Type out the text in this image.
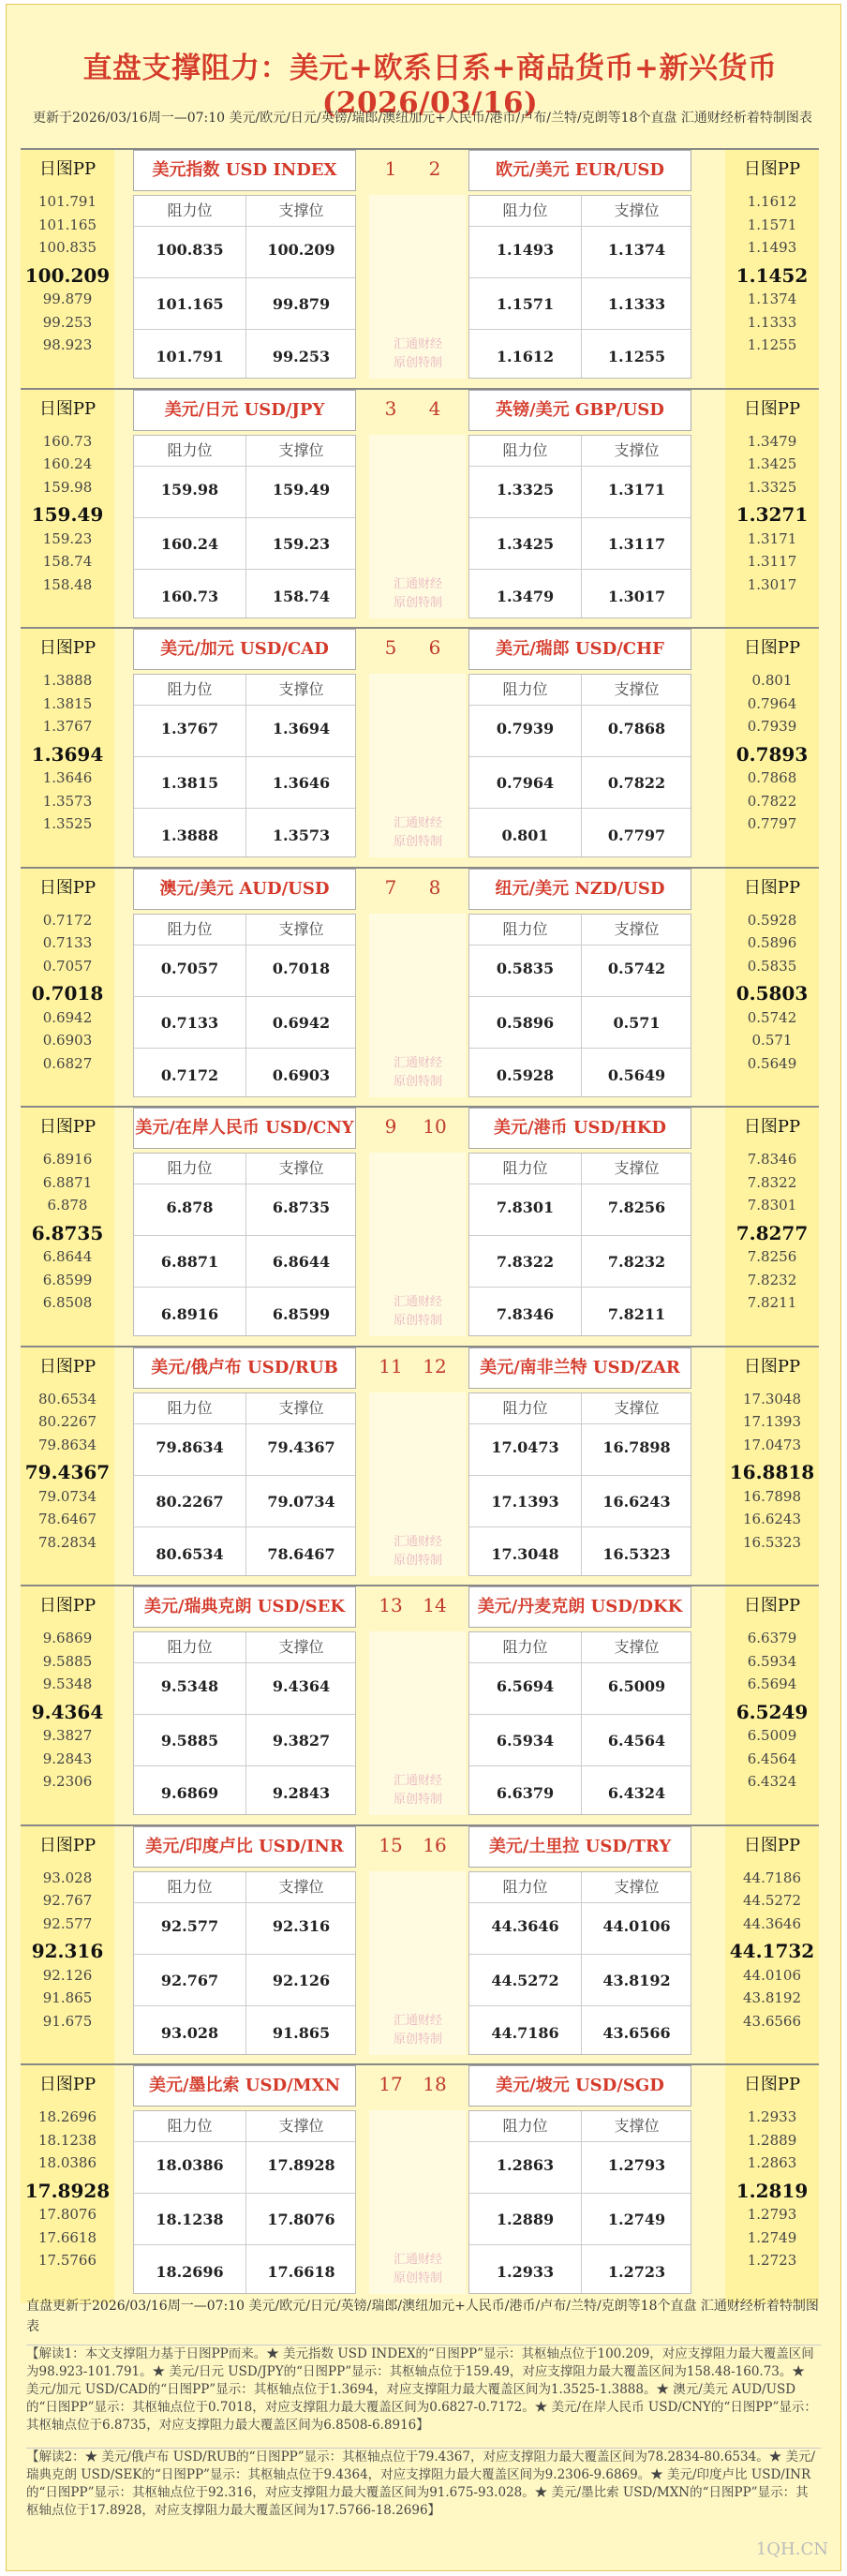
直盘支撑阻力：美元+欧系日系+商品货币+新兴货币(2026/03/16)
更新于2026/03/16周一—07:10 美元/欧元/日元/英镑/瑞郎/澳纽加元+人民币/港币/卢布/兰特/克朗等18个直盘 汇通财经析着特制图表
日图PP	日图PP
美元指数 USD INDEX	欧元/美元 EUR/USD
1	2
汇通财经原创特制
阻力位	支撑位
100.835	100.209
101.165	99.879
101.791	99.253
101.791
101.165
100.835
100.209
99.879
99.253
98.923
阻力位	支撑位
1.1493	1.1374
1.1571	1.1333
1.1612	1.1255
1.1612
1.1571
1.1493
1.1452
1.1374
1.1333
1.1255
日图PP	日图PP
美元/日元 USD/JPY	英镑/美元 GBP/USD
3	4
汇通财经原创特制
阻力位	支撑位
159.98	159.49
160.24	159.23
160.73	158.74
160.73
160.24
159.98
159.49
159.23
158.74
158.48
阻力位	支撑位
1.3325	1.3171
1.3425	1.3117
1.3479	1.3017
1.3479
1.3425
1.3325
1.3271
1.3171
1.3117
1.3017
日图PP	日图PP
美元/加元 USD/CAD	美元/瑞郎 USD/CHF
5	6
汇通财经原创特制
阻力位	支撑位
1.3767	1.3694
1.3815	1.3646
1.3888	1.3573
1.3888
1.3815
1.3767
1.3694
1.3646
1.3573
1.3525
阻力位	支撑位
0.7939	0.7868
0.7964	0.7822
0.801	0.7797
0.801
0.7964
0.7939
0.7893
0.7868
0.7822
0.7797
日图PP	日图PP
澳元/美元 AUD/USD	纽元/美元 NZD/USD
7	8
汇通财经原创特制
阻力位	支撑位
0.7057	0.7018
0.7133	0.6942
0.7172	0.6903
0.7172
0.7133
0.7057
0.7018
0.6942
0.6903
0.6827
阻力位	支撑位
0.5835	0.5742
0.5896	0.571
0.5928	0.5649
0.5928
0.5896
0.5835
0.5803
0.5742
0.571
0.5649
日图PP	日图PP
美元/在岸人民币 USD/CNY	美元/港币 USD/HKD
9	10
汇通财经原创特制
阻力位	支撑位
6.878	6.8735
6.8871	6.8644
6.8916	6.8599
6.8916
6.8871
6.878
6.8735
6.8644
6.8599
6.8508
阻力位	支撑位
7.8301	7.8256
7.8322	7.8232
7.8346	7.8211
7.8346
7.8322
7.8301
7.8277
7.8256
7.8232
7.8211
日图PP	日图PP
美元/俄卢布 USD/RUB	美元/南非兰特 USD/ZAR
11	12
汇通财经原创特制
阻力位	支撑位
79.8634	79.4367
80.2267	79.0734
80.6534	78.6467
80.6534
80.2267
79.8634
79.4367
79.0734
78.6467
78.2834
阻力位	支撑位
17.0473	16.7898
17.1393	16.6243
17.3048	16.5323
17.3048
17.1393
17.0473
16.8818
16.7898
16.6243
16.5323
日图PP	日图PP
美元/瑞典克朗 USD/SEK	美元/丹麦克朗 USD/DKK
13	14
汇通财经原创特制
阻力位	支撑位
9.5348	9.4364
9.5885	9.3827
9.6869	9.2843
9.6869
9.5885
9.5348
9.4364
9.3827
9.2843
9.2306
阻力位	支撑位
6.5694	6.5009
6.5934	6.4564
6.6379	6.4324
6.6379
6.5934
6.5694
6.5249
6.5009
6.4564
6.4324
日图PP	日图PP
美元/印度卢比 USD/INR	美元/土里拉 USD/TRY
15	16
汇通财经原创特制
阻力位	支撑位
92.577	92.316
92.767	92.126
93.028	91.865
93.028
92.767
92.577
92.316
92.126
91.865
91.675
阻力位	支撑位
44.3646	44.0106
44.5272	43.8192
44.7186	43.6566
44.7186
44.5272
44.3646
44.1732
44.0106
43.8192
43.6566
日图PP	日图PP
美元/墨比索 USD/MXN	美元/坡元 USD/SGD
17	18
汇通财经原创特制
阻力位	支撑位
18.0386	17.8928
18.1238	17.8076
18.2696	17.6618
18.2696
18.1238
18.0386
17.8928
17.8076
17.6618
17.5766
阻力位	支撑位
1.2863	1.2793
1.2889	1.2749
1.2933	1.2723
1.2933
1.2889
1.2863
1.2819
1.2793
1.2749
1.2723
直盘更新于2026/03/16周一—07:10 美元/欧元/日元/英镑/瑞郎/澳纽加元+人民币/港币/卢布/兰特/克朗等18个直盘 汇通财经析着特制图表
【解读1：本文支撑阻力基于日图PP而来。★ 美元指数 USD INDEX的“日图PP”显示：其枢轴点位于100.209，对应支撑阻力最大覆盖区间为98.923-101.791。★ 美元/日元 USD/JPY的“日图PP”显示：其枢轴点位于159.49，对应支撑阻力最大覆盖区间为158.48-160.73。★ 美元/加元 USD/CAD的“日图PP”显示：其枢轴点位于1.3694，对应支撑阻力最大覆盖区间为1.3525-1.3888。★ 澳元/美元 AUD/USD的“日图PP”显示：其枢轴点位于0.7018，对应支撑阻力最大覆盖区间为0.6827-0.7172。★ 美元/在岸人民币 USD/CNY的“日图PP”显示：其枢轴点位于6.8735，对应支撑阻力最大覆盖区间为6.8508-6.8916】
【解读2：★ 美元/俄卢布 USD/RUB的“日图PP”显示：其枢轴点位于79.4367，对应支撑阻力最大覆盖区间为78.2834-80.6534。★ 美元/瑞典克朗 USD/SEK的“日图PP”显示：其枢轴点位于9.4364，对应支撑阻力最大覆盖区间为9.2306-9.6869。★ 美元/印度卢比 USD/INR的“日图PP”显示：其枢轴点位于92.316，对应支撑阻力最大覆盖区间为91.675-93.028。★ 美元/墨比索 USD/MXN的“日图PP”显示：其枢轴点位于17.8928，对应支撑阻力最大覆盖区间为17.5766-18.2696】
1QH.CN
